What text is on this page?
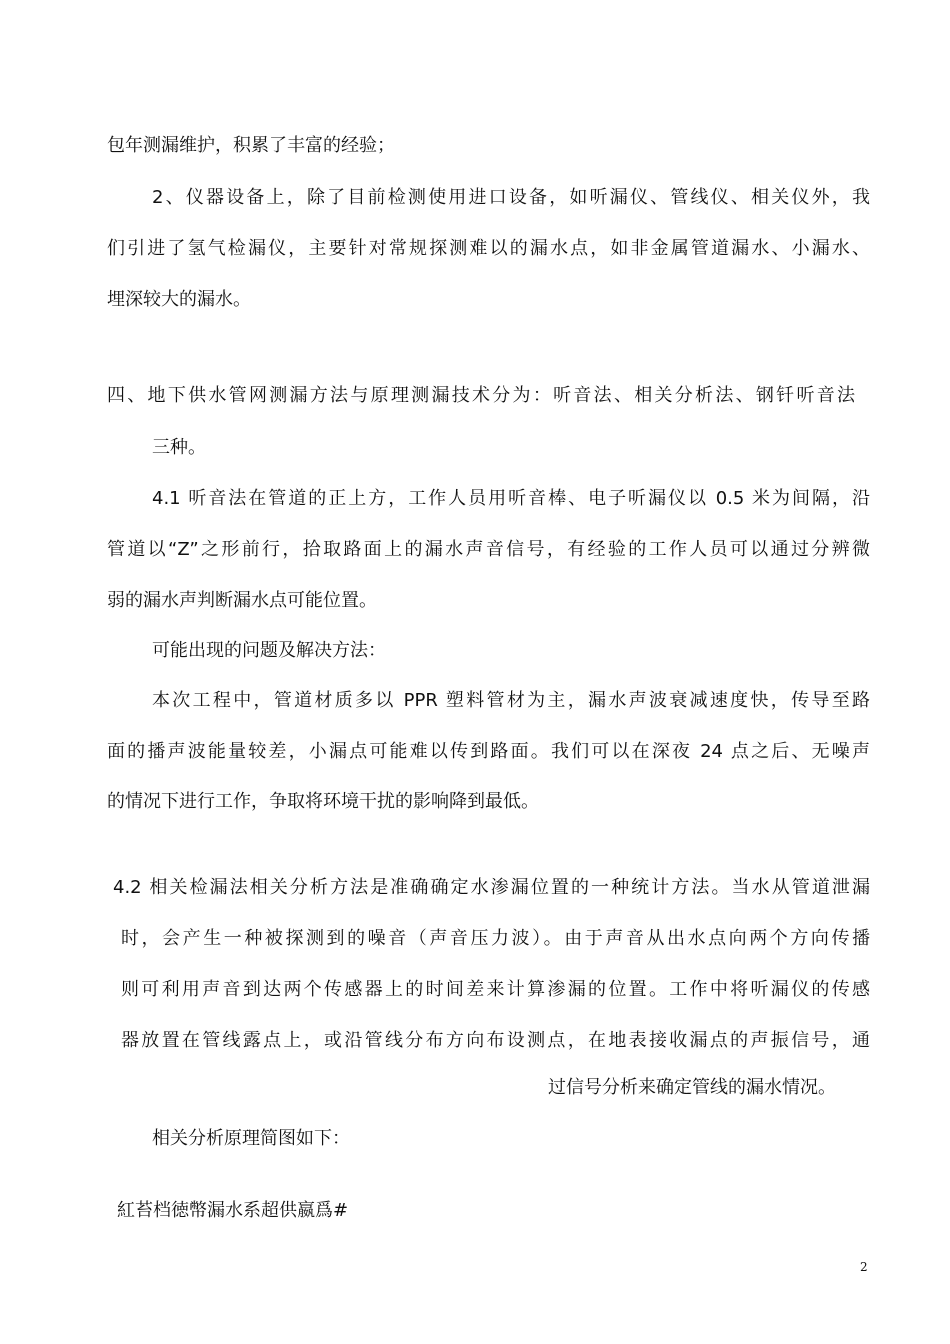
包年测漏维护，积累了丰富的经验；
2、仪器设备上，除了目前检测使用进口设备，如听漏仪、管线仪、相关仪外，我
们引进了氢气检漏仪，主要针对常规探测难以的漏水点，如非金属管道漏水、小漏水、
埋深较大的漏水。
四、地下供水管网测漏方法与原理测漏技术分为：听音法、相关分析法、钢钎听音法
三种。
4.1 听音法在管道的正上方，工作人员用听音棒、电子听漏仪以 0.5 米为间隔，沿
管道以“Z”之形前行，拾取路面上的漏水声音信号，有经验的工作人员可以通过分辨微
弱的漏水声判断漏水点可能位置。
可能出现的问题及解决方法：
本次工程中，管道材质多以 PPR 塑料管材为主，漏水声波衰减速度快，传导至路
面的播声波能量较差，小漏点可能难以传到路面。我们可以在深夜 24 点之后、无噪声
的情况下进行工作，争取将环境干扰的影响降到最低。
4.2 相关检漏法相关分析方法是准确确定水渗漏位置的一种统计方法。当水从管道泄漏
时，会产生一种被探测到的噪音（声音压力波）。由于声音从出水点向两个方向传播
则可利用声音到达两个传感器上的时间差来计算渗漏的位置。工作中将听漏仪的传感
器放置在管线露点上，或沿管线分布方向布设测点，在地表接收漏点的声振信号，通
过信号分析来确定管线的漏水情况。
相关分析原理简图如下：
紅苔档徳幣漏水系超供嬴爲#
2
